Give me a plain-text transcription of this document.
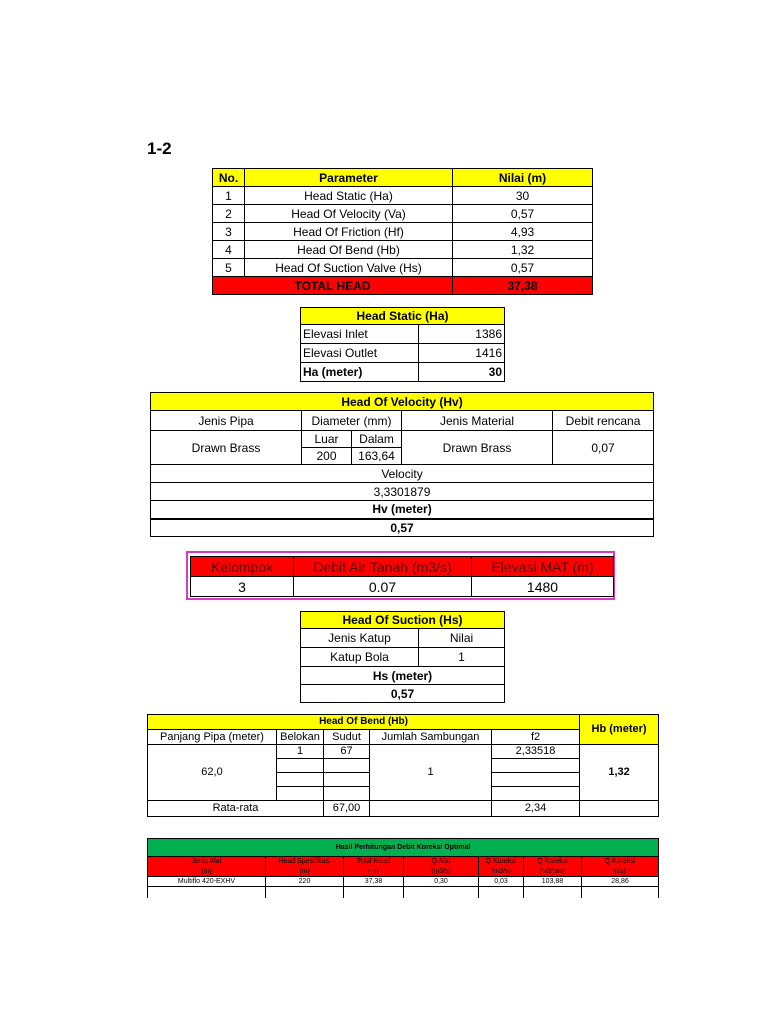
1-2
No.	Parameter	Nilai (m)
1	Head Static (Ha)	30
2	Head Of Velocity (Va)	0,57
3	Head Of Friction (Hf)	4,93
4	Head Of Bend (Hb)	1,32
5	Head Of Suction Valve (Hs)	0,57
TOTAL HEAD		37,38
Head Static (Ha)	
Elevasi Inlet	1386
Elevasi Outlet	1416
Ha (meter)	30
Head Of Velocity (Hv)				
Jenis Pipa	Diameter (mm)		Jenis Material	Debit rencana
Drawn Brass	Luar	Dalam	Drawn Brass	0,07
	200	163,64		
Velocity				
3,3301879				
Hv (meter)				
0,57				
Kelompok	Debit Air Tanah (m3/s)	Elevasi MAT (m)
3	0.07	1480
Head Of Suction (Hs)	
Jenis Katup	Nilai
Katup Bola	1
Hs (meter)	
0,57	
Head Of Bend (Hb)					Hb (meter)
Panjang Pipa (meter)	Belokan	Sudut	Jumlah Sambungan	f2	
62,0	1	67	1	2,33518	1,32

Rata-rata		67,00		2,34	
Hasil Perhitungan Debit Koreksi Optimal						
Jenis Alat	Head Spesifikasi	Total Head	Q Alat	Q Koreksi	Q Koreksi	Q Koreksi
(m)	(m)	(m)	(m3/s)	(m3/s)	(m3/jam)	(l/s)
Multiflo 420-EXHV	220	37,38	0,30	0,03	103,88	28,86
